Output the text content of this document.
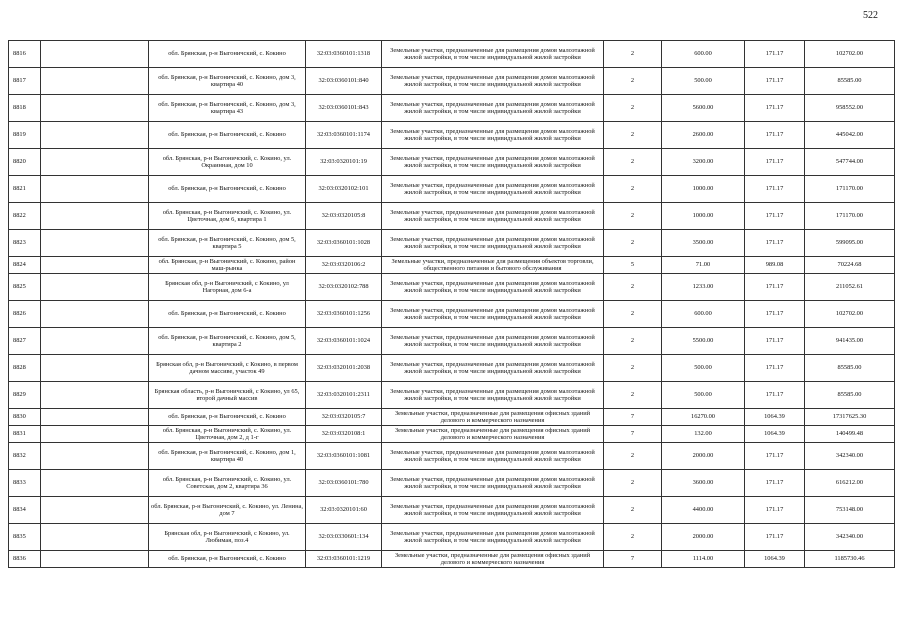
522
8816		обл. Брянская, р-н Выгоничский, с. Кокино	32:03:0360101:1318	Земельные участки, предназначенные для размещения домов малоэтажной жилой застройки, в том числе индивидуальной жилой застройки	2	600.00	171.17	102702.00
8817		обл. Брянская, р-н Выгоничский, с. Кокино, дом 3, квартира 40	32:03:0360101:840	Земельные участки, предназначенные для размещения домов малоэтажной жилой застройки, в том числе индивидуальной жилой застройки	2	500.00	171.17	85585.00
8818		обл. Брянская, р-н Выгоничский, с. Кокино, дом 3, квартира 43	32:03:0360101:843	Земельные участки, предназначенные для размещения домов малоэтажной жилой застройки, в том числе индивидуальной жилой застройки	2	5600.00	171.17	958552.00
8819		обл. Брянская, р-н Выгоничский, с. Кокино	32:03:0360101:1174	Земельные участки, предназначенные для размещения домов малоэтажной жилой застройки, в том числе индивидуальной жилой застройки	2	2600.00	171.17	445042.00
8820		обл. Брянская, р-н Выгоничский, с. Кокино, ул. Окраинная, дом 10	32:03:0320101:19	Земельные участки, предназначенные для размещения домов малоэтажной жилой застройки, в том числе индивидуальной жилой застройки	2	3200.00	171.17	547744.00
8821		обл. Брянская, р-н Выгоничский, с. Кокино	32:03:0320102:101	Земельные участки, предназначенные для размещения домов малоэтажной жилой застройки, в том числе индивидуальной жилой застройки	2	1000.00	171.17	171170.00
8822		обл. Брянская, р-н Выгоничский, с. Кокино, ул. Цветочная, дом 6, квартира 1	32:03:0320105:8	Земельные участки, предназначенные для размещения домов малоэтажной жилой застройки, в том числе индивидуальной жилой застройки	2	1000.00	171.17	171170.00
8823		обл. Брянская, р-н Выгоничский, с. Кокино, дом 5, квартира 5	32:03:0360101:1028	Земельные участки, предназначенные для размещения домов малоэтажной жилой застройки, в том числе индивидуальной жилой застройки	2	3500.00	171.17	599095.00
8824		обл. Брянская, р-н Выгоничский, с. Кокино, район маш-рынка	32:03:0320106:2	Земельные участки, предназначенные для размещения объектов торговли, общественного питания и бытового обслуживания	5	71.00	989.08	70224.68
8825		Брянская обл, р-н Выгоничский, с Кокино, ул Нагорная, дом 6-а	32:03:0320102:788	Земельные участки, предназначенные для размещения домов малоэтажной жилой застройки, в том числе индивидуальной жилой застройки	2	1233.00	171.17	211052.61
8826		обл. Брянская, р-н Выгоничский, с. Кокино	32:03:0360101:1256	Земельные участки, предназначенные для размещения домов малоэтажной жилой застройки, в том числе индивидуальной жилой застройки	2	600.00	171.17	102702.00
8827		обл. Брянская, р-н Выгоничский, с. Кокино, дом 5, квартира 2	32:03:0360101:1024	Земельные участки, предназначенные для размещения домов малоэтажной жилой застройки, в том числе индивидуальной жилой застройки	2	5500.00	171.17	941435.00
8828		Брянская обл, р-н Выгоничский, с Кокино, в первом дачном массиве, участок 49	32:03:0320101:2038	Земельные участки, предназначенные для размещения домов малоэтажной жилой застройки, в том числе индивидуальной жилой застройки	2	500.00	171.17	85585.00
8829		Брянская область, р-н Выгоничский, с Кокино, ул 65, второй дачный массив	32:03:0320101:2311	Земельные участки, предназначенные для размещения домов малоэтажной жилой застройки, в том числе индивидуальной жилой застройки	2	500.00	171.17	85585.00
8830		обл. Брянская, р-н Выгоничский, с. Кокино	32:03:0320105:7	Земельные участки, предназначенные для размещения офисных зданий делового и коммерческого назначения	7	16270.00	1064.39	17317625.30
8831		обл. Брянская, р-н Выгоничский, с. Кокино, ул. Цветочная, дом 2, д 1-г	32:03:0320108:1	Земельные участки, предназначенные для размещения офисных зданий делового и коммерческого назначения	7	132.00	1064.39	140499.48
8832		обл. Брянская, р-н Выгоничский, с. Кокино, дом 1, квартира 40	32:03:0360101:1081	Земельные участки, предназначенные для размещения домов малоэтажной жилой застройки, в том числе индивидуальной жилой застройки	2	2000.00	171.17	342340.00
8833		обл. Брянская, р-н Выгоничский, с. Кокино, ул. Советская, дом 2, квартира 36	32:03:0360101:780	Земельные участки, предназначенные для размещения домов малоэтажной жилой застройки, в том числе индивидуальной жилой застройки	2	3600.00	171.17	616212.00
8834		обл. Брянская, р-н Выгоничский, с. Кокино, ул. Ленина, дом 7	32:03:0320101:60	Земельные участки, предназначенные для размещения домов малоэтажной жилой застройки, в том числе индивидуальной жилой застройки	2	4400.00	171.17	753148.00
8835		Брянская обл, р-н Выгоничский, с Кокино, ул. Любимая, поз.4	32:03:0330601:134	Земельные участки, предназначенные для размещения домов малоэтажной жилой застройки, в том числе индивидуальной жилой застройки	2	2000.00	171.17	342340.00
8836		обл. Брянская, р-н Выгоничский, с. Кокино	32:03:0360101:1219	Земельные участки, предназначенные для размещения офисных зданий делового и коммерческого назначения	7	1114.00	1064.39	1185730.46
